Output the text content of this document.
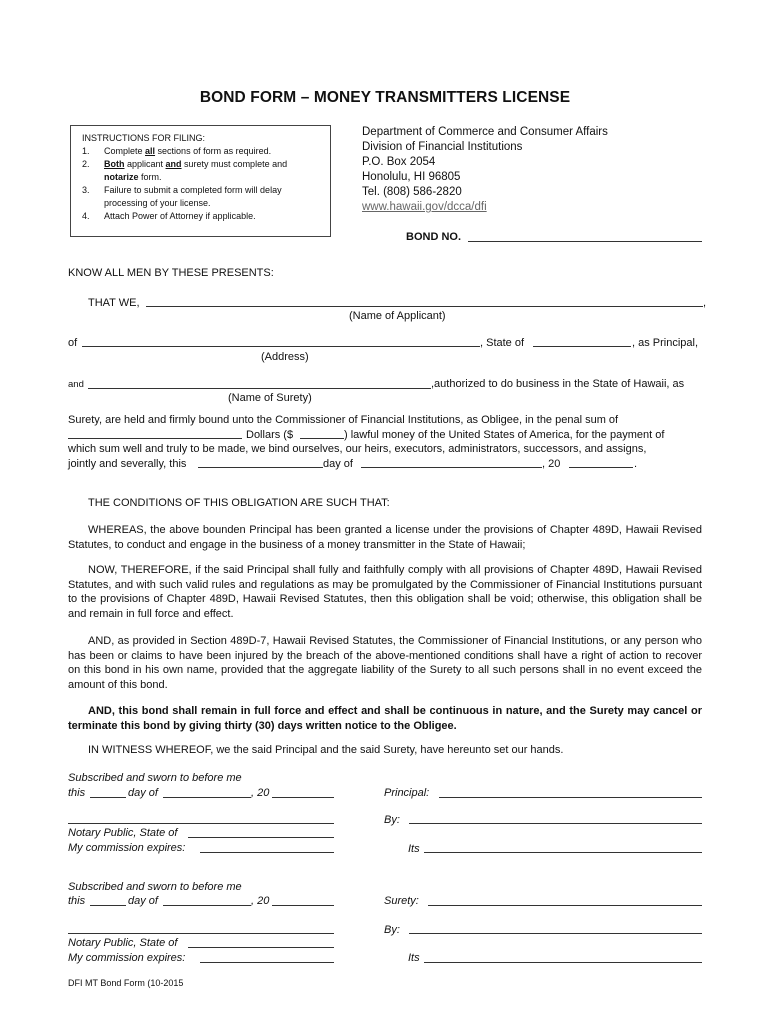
BOND FORM – MONEY TRANSMITTERS LICENSE
INSTRUCTIONS FOR FILING:
1. Complete all sections of form as required.
2. Both applicant and surety must complete and
notarize form.
3. Failure to submit a completed form will delay
processing of your license.
4. Attach Power of Attorney if applicable.
Department of Commerce and Consumer Affairs
Division of Financial Institutions
P.O. Box 2054
Honolulu, HI 96805
Tel. (808) 586-2820
www.hawaii.gov/dcca/dfi
BOND NO.
KNOW ALL MEN BY THESE PRESENTS:
THAT WE,	,
(Name of Applicant)
of	, State of	, as Principal,
(Address)
and	,authorized to do business in the State of Hawaii, as
(Name of Surety)
Surety, are held and firmly bound unto the Commissioner of Financial Institutions, as Obligee, in the penal sum of
Dollars ($	) lawful money of the United States of America, for the payment of
which sum well and truly to be made, we bind ourselves, our heirs, executors, administrators, successors, and assigns,
jointly and severally, this	day of	, 20	.
THE CONDITIONS OF THIS OBLIGATION ARE SUCH THAT:
WHEREAS, the above bounden Principal has been granted a license under the provisions of Chapter 489D, Hawaii Revised Statutes, to conduct and engage in the business of a money transmitter in the State of Hawaii;
NOW, THEREFORE, if the said Principal shall fully and faithfully comply with all provisions of Chapter 489D, Hawaii Revised Statutes, and with such valid rules and regulations as may be promulgated by the Commissioner of Financial Institutions pursuant to the provisions of Chapter 489D, Hawaii Revised Statutes, then this obligation shall be void; otherwise, this obligation shall be and remain in full force and effect.
AND, as provided in Section 489D-7, Hawaii Revised Statutes, the Commissioner of Financial Institutions, or any person who has been or claims to have been injured by the breach of the above-mentioned conditions shall have a right of action to recover on this bond in his own name, provided that the aggregate liability of the Surety to all such persons shall in no event exceed the amount of this bond.
AND, this bond shall remain in full force and effect and shall be continuous in nature, and the Surety may cancel or terminate this bond by giving thirty (30) days written notice to the Obligee.
IN WITNESS WHEREOF, we the said Principal and the said Surety, have hereunto set our hands.
Subscribed and sworn to before me
this	day of	, 20
Notary Public, State of
My commission expires:
Principal:
By:
Its
Subscribed and sworn to before me
this	day of	, 20
Notary Public, State of
My commission expires:
Surety:
By:
Its
DFI MT Bond Form (10-2015
